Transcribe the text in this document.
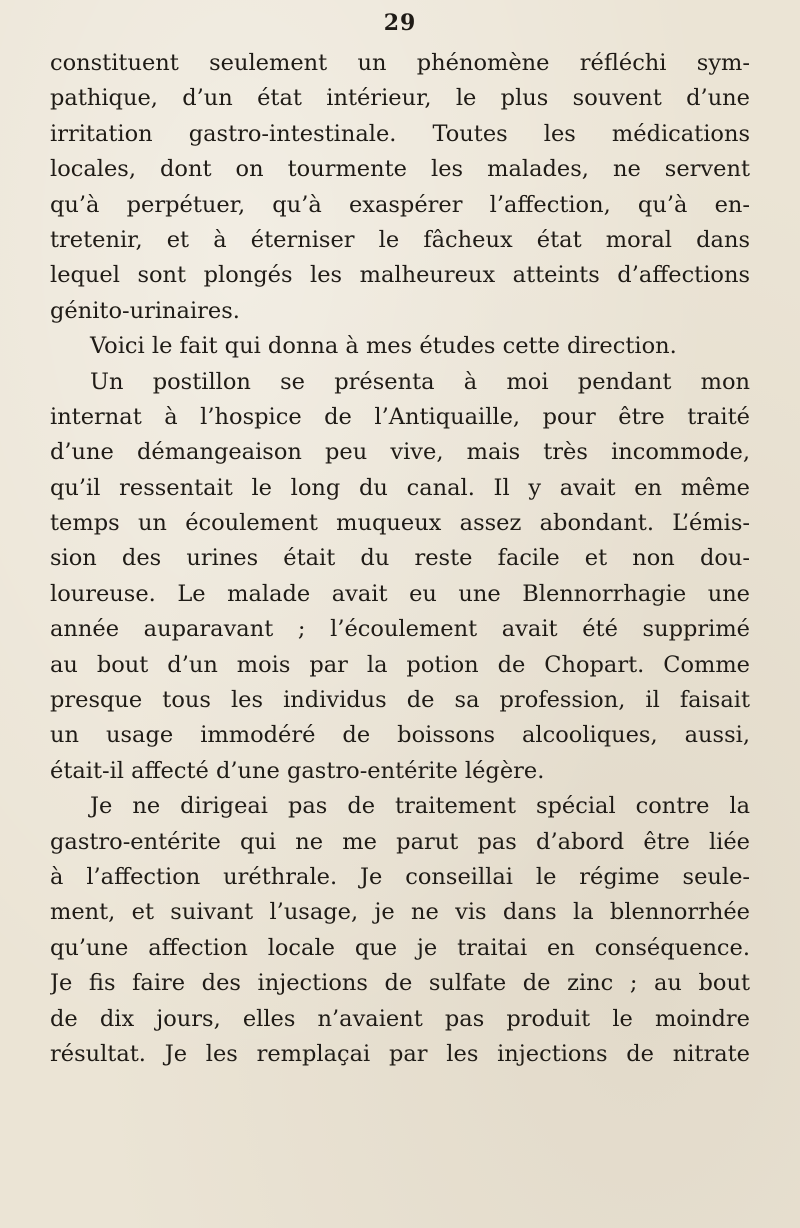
29
constituent seulement un phénomène réfléchi sym-
pathique, d’un état intérieur, le plus souvent d’une
irritation gastro-intestinale. Toutes les médications
locales, dont on tourmente les malades, ne servent
qu’à perpétuer, qu’à exaspérer l’affection, qu’à en-
tretenir, et à éterniser le fâcheux état moral dans
lequel sont plongés les malheureux atteints d’affections
génito-urinaires.
Voici le fait qui donna à mes études cette direction.
Un postillon se présenta à moi pendant mon
internat à l’hospice de l’Antiquaille, pour être traité
d’une démangeaison peu vive, mais très incommode,
qu’il ressentait le long du canal. Il y avait en même
temps un écoulement muqueux assez abondant. L’émis-
sion des urines était du reste facile et non dou-
loureuse. Le malade avait eu une Blennorrhagie une
année auparavant ; l’écoulement avait été supprimé
au bout d’un mois par la potion de Chopart. Comme
presque tous les individus de sa profession, il faisait
un usage immodéré de boissons alcooliques, aussi,
était-il affecté d’une gastro-entérite légère.
Je ne dirigeai pas de traitement spécial contre la
gastro-entérite qui ne me parut pas d’abord être liée
à l’affection uréthrale. Je conseillai le régime seule-
ment, et suivant l’usage, je ne vis dans la blennorrhée
qu’une affection locale que je traitai en conséquence.
Je fis faire des injections de sulfate de zinc ; au bout
de dix jours, elles n’avaient pas produit le moindre
résultat. Je les remplaçai par les injections de nitrate
